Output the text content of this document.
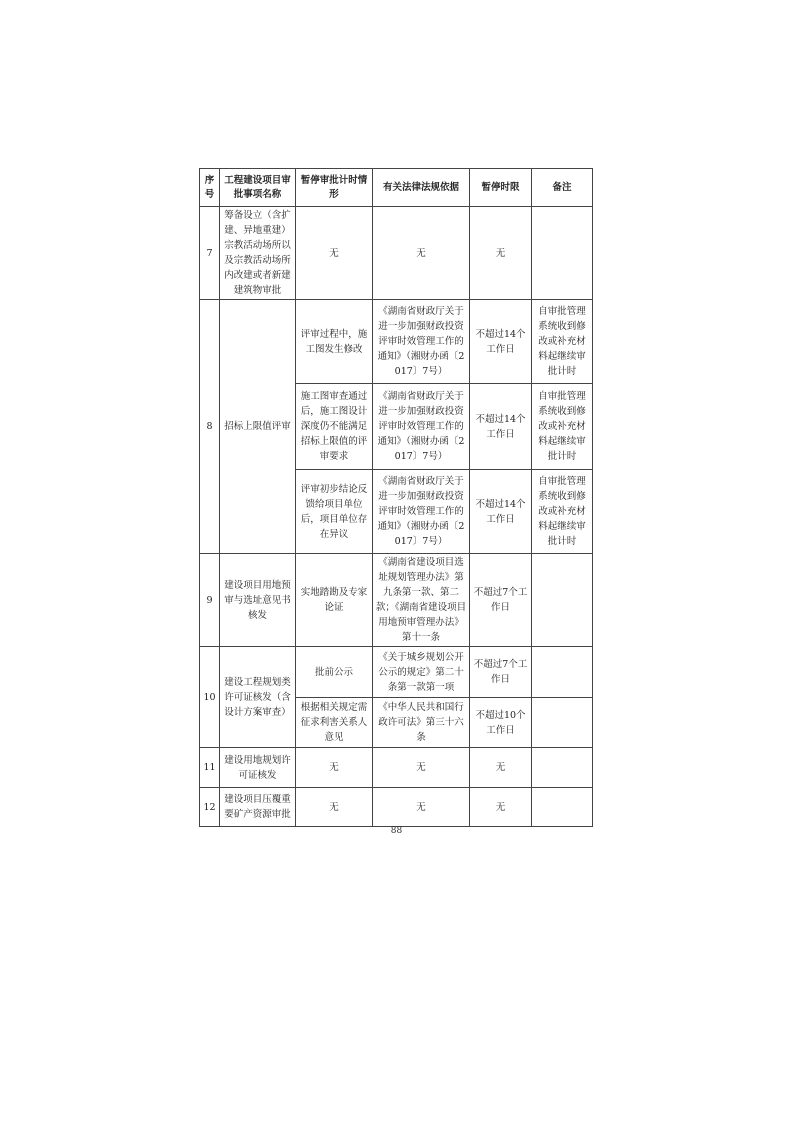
序号	工程建设项目审批事项名称	暂停审批计时情形	有关法律法规依据	暂停时限	备注
7	筹备设立（含扩建、异地重建）宗教活动场所以及宗教活动场所内改建或者新建建筑物审批	无	无	无	
8	招标上限值评审	评审过程中，施工图发生修改	《湖南省财政厅关于进一步加强财政投资评审时效管理工作的通知》（湘财办函〔2017〕7号）	不超过14个工作日	自审批管理系统收到修改或补充材料起继续审批计时
		施工图审查通过后，施工图设计深度仍不能满足招标上限值的评审要求	《湖南省财政厅关于进一步加强财政投资评审时效管理工作的通知》（湘财办函〔2017〕7号）	不超过14个工作日	自审批管理系统收到修改或补充材料起继续审批计时
		评审初步结论反馈给项目单位后，项目单位存在异议	《湖南省财政厅关于进一步加强财政投资评审时效管理工作的通知》（湘财办函〔2017〕7号）	不超过14个工作日	自审批管理系统收到修改或补充材料起继续审批计时
9	建设项目用地预审与选址意见书核发	实地踏勘及专家论证	《湖南省建设项目选址规划管理办法》第九条第一款、第二款；《湖南省建设项目用地预审管理办法》第十一条	不超过7个工作日	
10	建设工程规划类许可证核发（含设计方案审查）	批前公示	《关于城乡规划公开公示的规定》第二十条第一款第一项	不超过7个工作日	
		根据相关规定需征求利害关系人意见	《中华人民共和国行政许可法》第三十六条	不超过10个工作日	
11	建设用地规划许可证核发	无	无	无	
12	建设项目压覆重要矿产资源审批	无	无	无	
88
